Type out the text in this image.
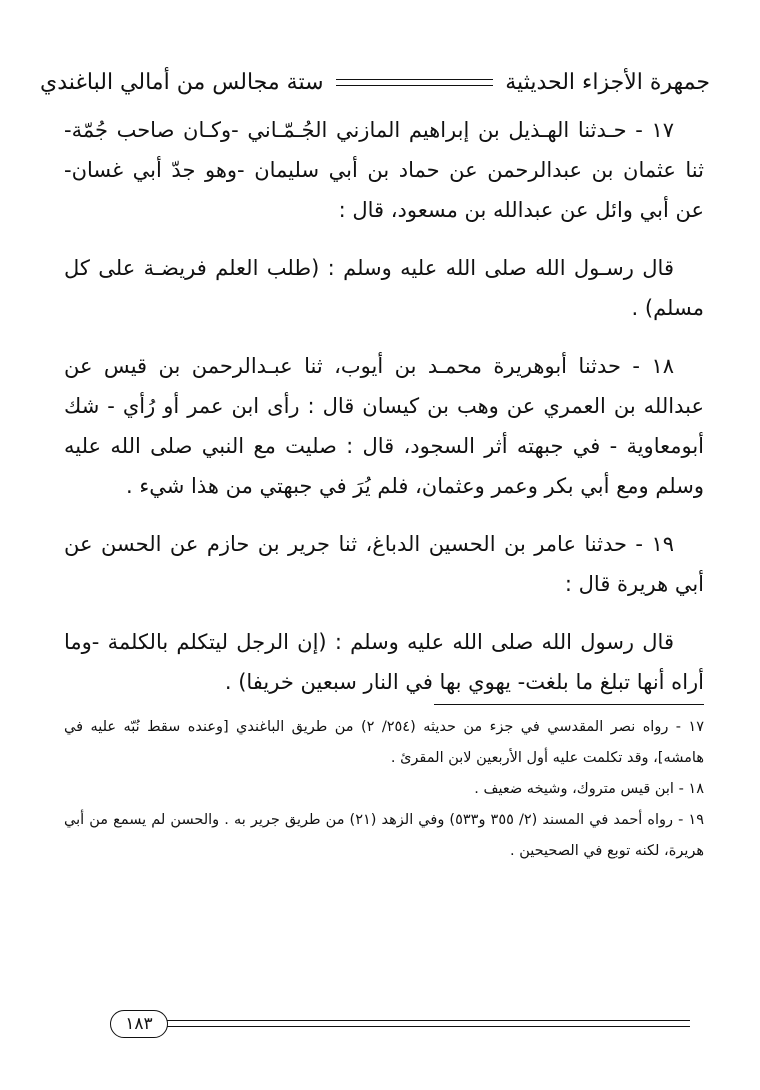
جمهرة الأجزاء الحديثية
ستة مجالس من أمالي الباغندي

١٧ - حـدثنا الهـذيل بن إبراهيم المازني الجُـمّـاني -وكـان صاحب جُمّة- ثنا عثمان بن عبدالرحمن عن حماد بن أبي سليمان -وهو جدّ أبي غسان- عن أبي وائل عن عبدالله بن مسعود، قال :

قال رسـول الله صلى الله عليه وسلم : (طلب العلم فريضـة على كل مسلم) .

١٨ - حدثنا أبوهريرة محمـد بن أيوب، ثنا عبـدالرحمن بن قيس عن عبدالله بن العمري عن وهب بن كيسان قال : رأى ابن عمر أو رُأي - شك أبومعاوية - في جبهته أثر السجود، قال : صليت مع النبي صلى الله عليه وسلم ومع أبي بكر وعمر وعثمان، فلم يُرَ في جبهتي من هذا شيء .

١٩ - حدثنا عامر بن الحسين الدباغ، ثنا جرير بن حازم عن الحسن عن أبي هريرة قال :

قال رسول الله صلى الله عليه وسلم : (إن الرجل ليتكلم بالكلمة -وما أراه أنها تبلغ ما بلغت- يهوي بها في النار سبعين خريفا) .

١٧ - رواه نصر المقدسي في جزء من حديثه (٢٥٤/ ٢) من طريق الباغندي [وعنده سقط نُبّه عليه في هامشه]، وقد تكلمت عليه أول الأربعين لابن المقرئ .

١٨ - ابن قيس متروك، وشيخه ضعيف .

١٩ - رواه أحمد في المسند (٢/ ٣٥٥ و٥٣٣) وفي الزهد (٢١) من طريق جرير به . والحسن لم يسمع من أبي هريرة، لكنه توبع في الصحيحين .

١٨٣
